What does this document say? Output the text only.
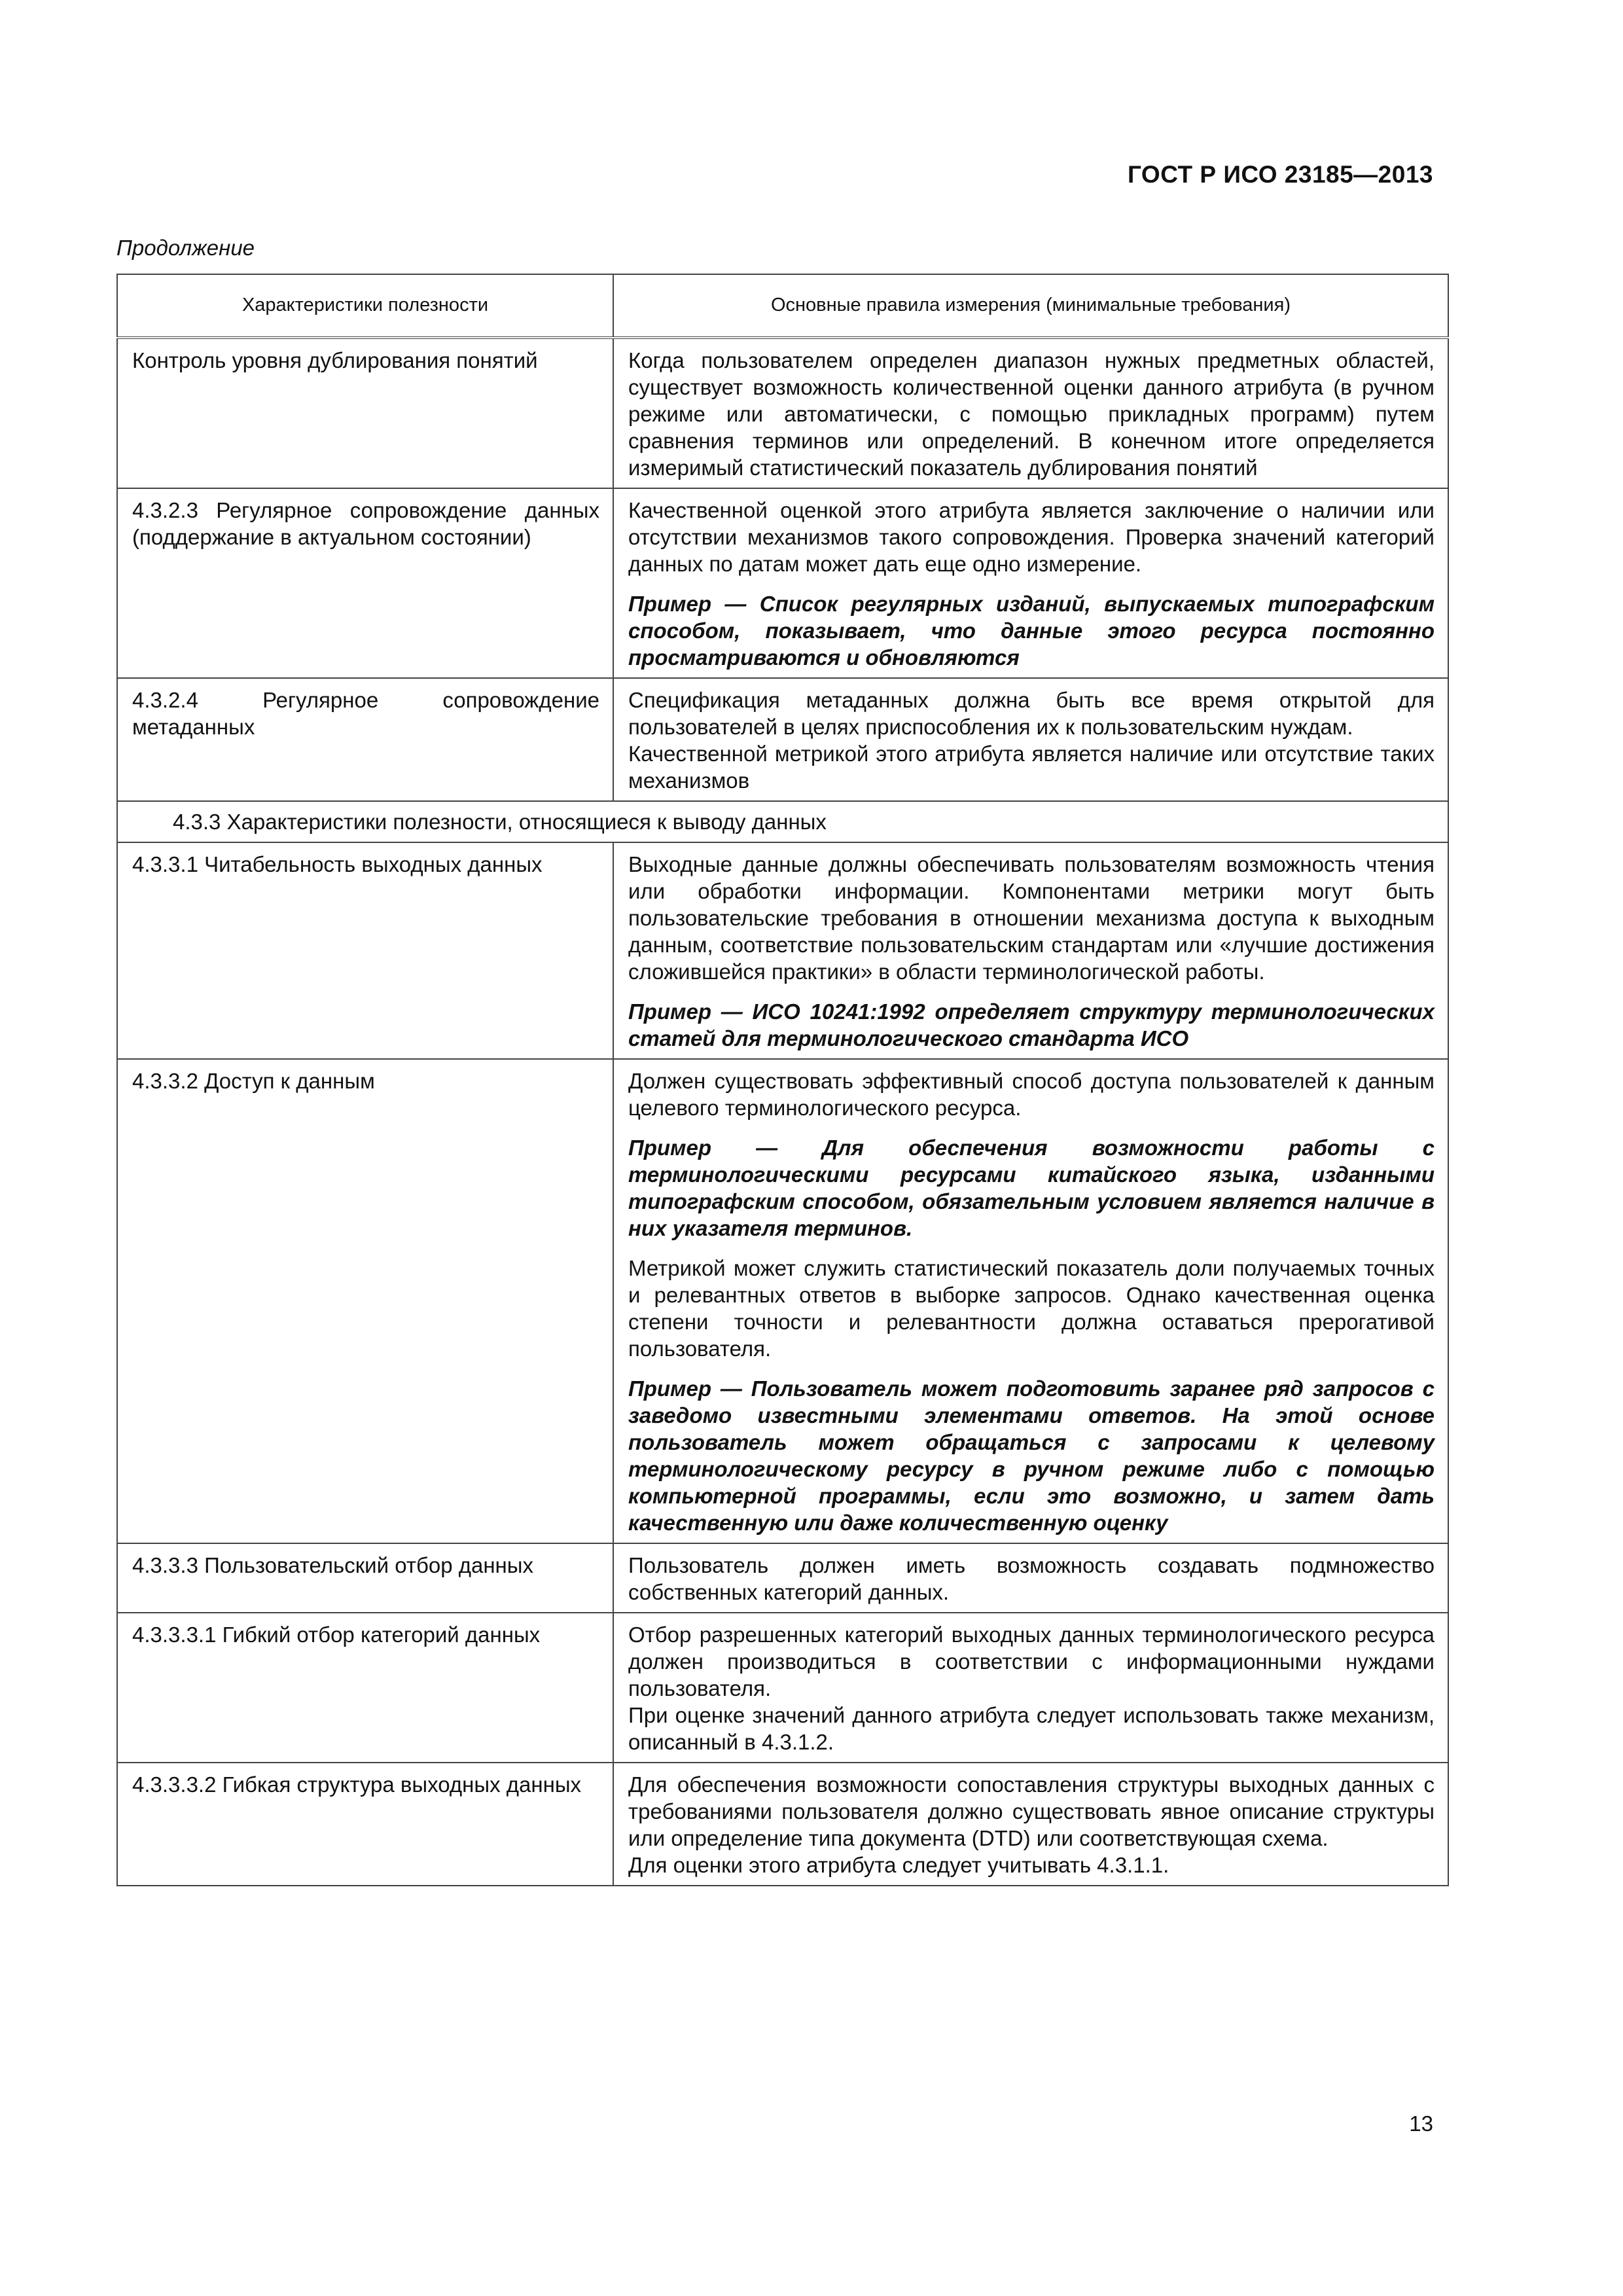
ГОСТ Р ИСО 23185—2013
Продолжение
Характеристики полезности	Основные правила измерения (минимальные требования)

Контроль уровня дублирования понятий	Когда пользователем определен диапазон нужных предметных областей, существует возможность количественной оценки данного атрибута (в ручном режиме или автоматически, с помощью прикладных программ) путем сравнения терминов или определений. В конечном итоге определяется измеримый статистический показатель дублирования понятий

4.3.2.3 Регулярное сопровождение данных (поддержание в актуальном состоянии)	Качественной оценкой этого атрибута является заключение о наличии или отсутствии механизмов такого сопровождения. Проверка значений категорий данных по датам может дать еще одно измерение.
Пример — Список регулярных изданий, выпускаемых типографским способом, показывает, что данные этого ресурса постоянно просматриваются и обновляются

4.3.2.4 Регулярное сопровождение метаданных	Спецификация метаданных должна быть все время открытой для пользователей в целях приспособления их к пользовательским нуждам.
Качественной метрикой этого атрибута является наличие или отсутствие таких механизмов

4.3.3 Характеристики полезности, относящиеся к выводу данных	

4.3.3.1 Читабельность выходных данных	Выходные данные должны обеспечивать пользователям возможность чтения или обработки информации. Компонентами метрики могут быть пользовательские требования в отношении механизма доступа к выходным данным, соответствие пользовательским стандартам или «лучшие достижения сложившейся практики» в области терминологической работы.
Пример — ИСО 10241:1992 определяет структуру терминологических статей для терминологического стандарта ИСО

4.3.3.2 Доступ к данным	Должен существовать эффективный способ доступа пользователей к данным целевого терминологического ресурса.
Пример — Для обеспечения возможности работы с терминологическими ресурсами китайского языка, изданными типографским способом, обязательным условием является наличие в них указателя терминов.
Метрикой может служить статистический показатель доли получаемых точных и релевантных ответов в выборке запросов. Однако качественная оценка степени точности и релевантности должна оставаться прерогативой пользователя.
Пример — Пользователь может подготовить заранее ряд запросов с заведомо известными элементами ответов. На этой основе пользователь может обращаться с запросами к целевому терминологическому ресурсу в ручном режиме либо с помощью компьютерной программы, если это возможно, и затем дать качественную или даже количественную оценку

4.3.3.3 Пользовательский отбор данных	Пользователь должен иметь возможность создавать подмножество собственных категорий данных.

4.3.3.3.1 Гибкий отбор категорий данных	Отбор разрешенных категорий выходных данных терминологического ресурса должен производиться в соответствии с информационными нуждами пользователя.
При оценке значений данного атрибута следует использовать также механизм, описанный в 4.3.1.2.

4.3.3.3.2 Гибкая структура выходных данных	Для обеспечения возможности сопоставления структуры выходных данных с требованиями пользователя должно существовать явное описание структуры или определение типа документа (DTD) или соответствующая схема.
Для оценки этого атрибута следует учитывать 4.3.1.1.
13
